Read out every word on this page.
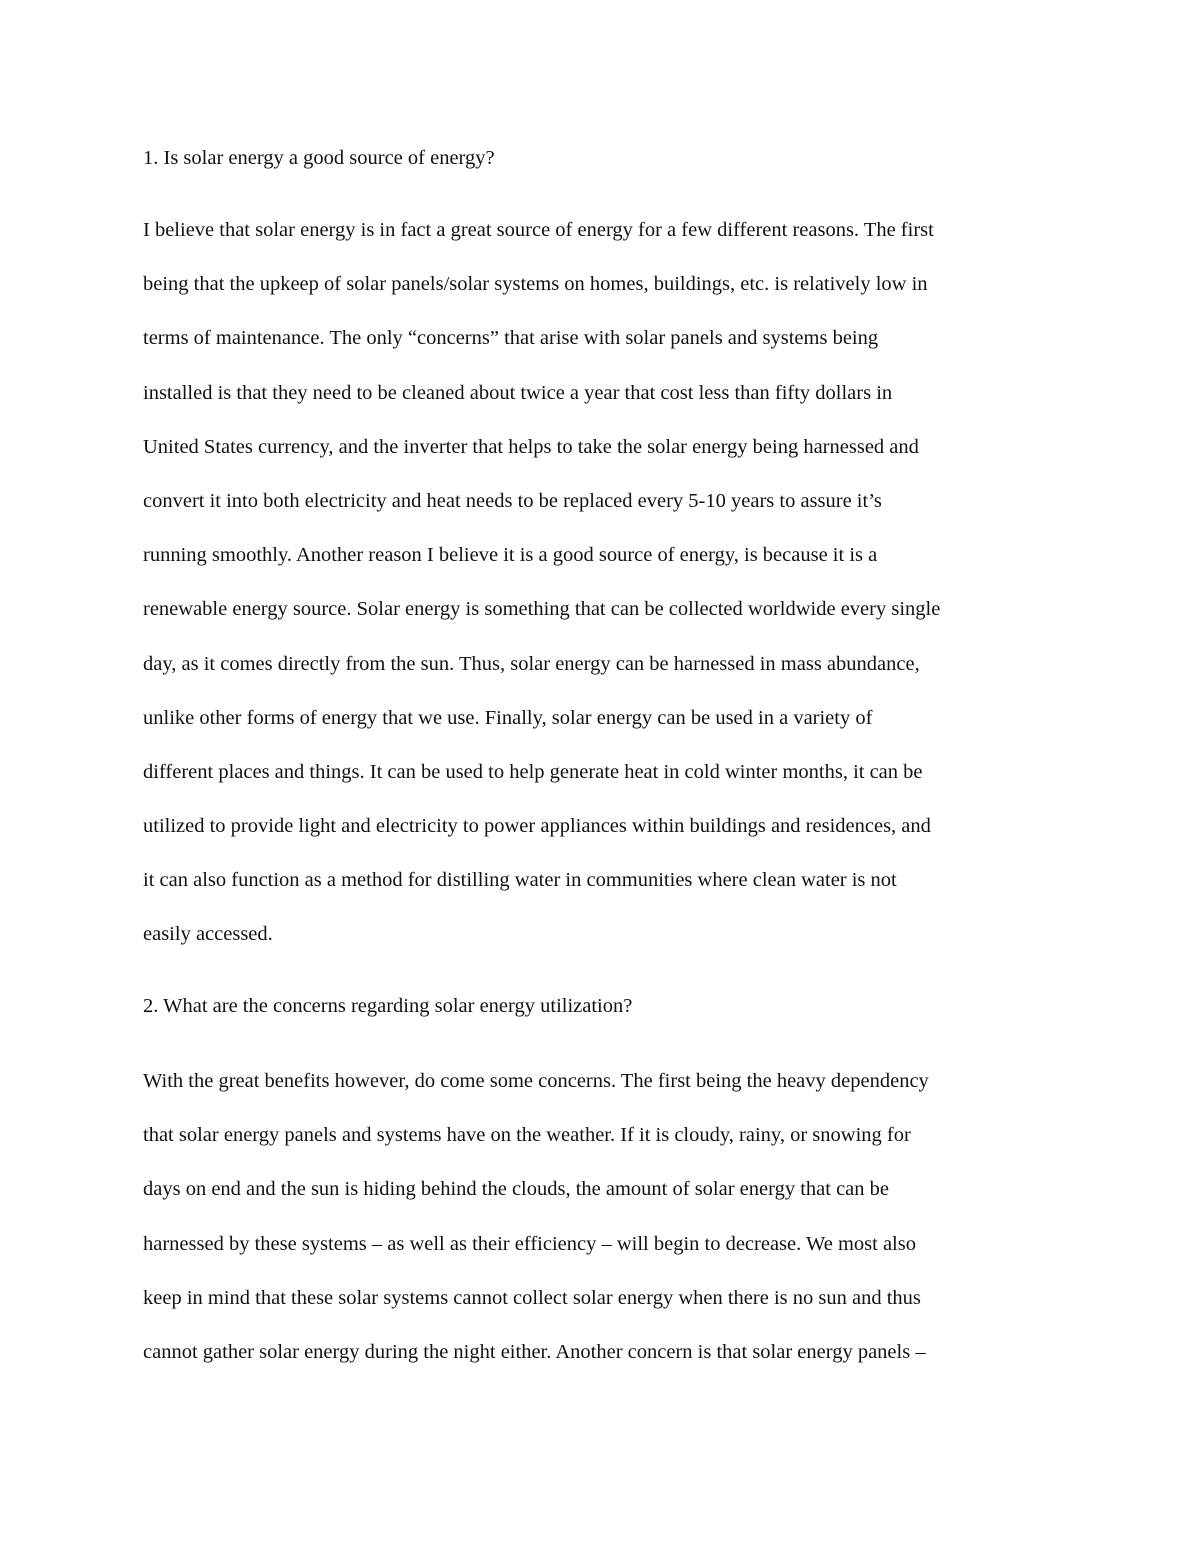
1. Is solar energy a good source of energy?
I believe that solar energy is in fact a great source of energy for a few different reasons. The first
being that the upkeep of solar panels/solar systems on homes, buildings, etc. is relatively low in
terms of maintenance. The only “concerns” that arise with solar panels and systems being
installed is that they need to be cleaned about twice a year that cost less than fifty dollars in
United States currency, and the inverter that helps to take the solar energy being harnessed and
convert it into both electricity and heat needs to be replaced every 5-10 years to assure it’s
running smoothly. Another reason I believe it is a good source of energy, is because it is a
renewable energy source. Solar energy is something that can be collected worldwide every single
day, as it comes directly from the sun. Thus, solar energy can be harnessed in mass abundance,
unlike other forms of energy that we use. Finally, solar energy can be used in a variety of
different places and things. It can be used to help generate heat in cold winter months, it can be
utilized to provide light and electricity to power appliances within buildings and residences, and
it can also function as a method for distilling water in communities where clean water is not
easily accessed.
2. What are the concerns regarding solar energy utilization?
With the great benefits however, do come some concerns. The first being the heavy dependency
that solar energy panels and systems have on the weather. If it is cloudy, rainy, or snowing for
days on end and the sun is hiding behind the clouds, the amount of solar energy that can be
harnessed by these systems – as well as their efficiency – will begin to decrease. We most also
keep in mind that these solar systems cannot collect solar energy when there is no sun and thus
cannot gather solar energy during the night either. Another concern is that solar energy panels –
